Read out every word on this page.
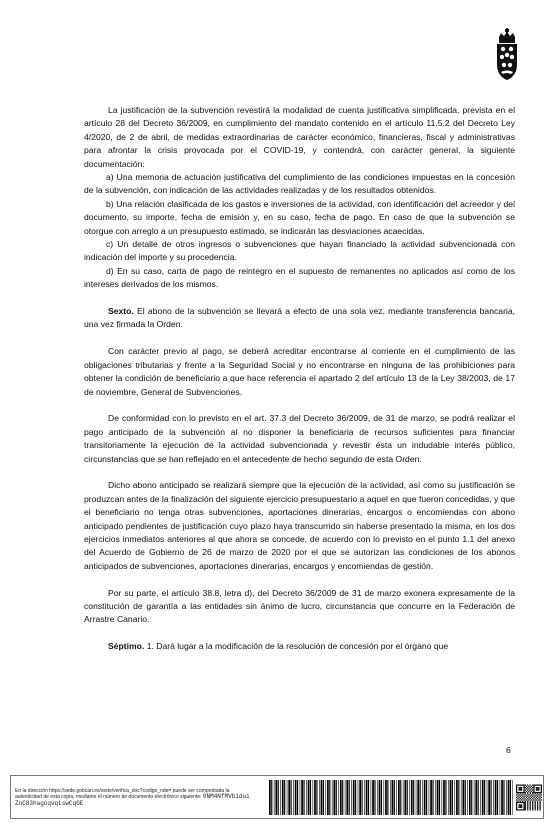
La justificación de la subvención revestirá la modalidad de cuenta justificativa simplificada, prevista en el artículo 28 del Decreto 36/2009, en cumplimiento del mandato contenido en el artículo 11.5.2 del Decreto Ley 4/2020, de 2 de abril, de medidas extraordinarias de carácter económico, financieras, fiscal y administrativas para afrontar la crisis provocada por el COVID-19, y contendrá, con carácter general, la siguiente documentación:

a) Una memoria de actuación justificativa del cumplimiento de las condiciones impuestas en la concesión de la subvención, con indicación de las actividades realizadas y de los resultados obtenidos.

b) Una relación clasificada de los gastos e inversiones de la actividad, con identificación del acreedor y del documento, su importe, fecha de emisión y, en su caso, fecha de pago. En caso de que la subvención se otorgue con arreglo a un presupuesto estimado, se indicarán las desviaciones acaecidas.

c) Un detalle de otros ingresos o subvenciones que hayan financiado la actividad subvencionada con indicación del importe y su procedencia.

d) En su caso, carta de pago de reintegro en el supuesto de remanentes no aplicados así como de los intereses derivados de los mismos.

Sexto. El abono de la subvención se llevará a efecto de una sola vez, mediante transferencia bancaria, una vez firmada la Orden.

Con carácter previo al pago, se deberá acreditar encontrarse al corriente en el cumplimiento de las obligaciones tributarias y frente a la Seguridad Social y no encontrarse en ninguna de las prohibiciones para obtener la condición de beneficiario a que hace referencia el apartado 2 del artículo 13 de la Ley 38/2003, de 17 de noviembre, General de Subvenciones.

De conformidad con lo previsto en el art. 37.3 del Decreto 36/2009, de 31 de marzo, se podrá realizar el pago anticipado de la subvención al no disponer la beneficiaria de recursos suficientes para financiar transitoriamente la ejecución de la actividad subvencionada y revestir ésta un indudable interés público, circunstancias que se han reflejado en el antecedente de hecho segundo de esta Orden.

Dicho abono anticipado se realizará siempre que la ejecución de la actividad, así como su justificación se produzcan antes de la finalización del siguiente ejercicio presupuestario a aquel en que fueron concedidas, y que el beneficiario no tenga otras subvenciones, aportaciones dinerarias, encargos o encomiendas con abono anticipado pendientes de justificación cuyo plazo haya transcurrido sin haberse presentado la misma, en los dos ejercicios inmediatos anteriores al que ahora se concede, de acuerdo con lo previsto en el punto 1.1 del anexo del Acuerdo de Gobierno de 26 de marzo de 2020 por el que se autorizan las condiciones de los abonos anticipados de subvenciones, aportaciones dinerarias, encargos y encomiendas de gestión.

Por su parte, el artículo 38.8, letra d), del Decreto 36/2009 de 31 de marzo exonera expresamente de la constitución de garantía a las entidades sin ánimo de lucro, circunstancia que concurre en la Federación de Arrastre Canario.

Séptimo. 1. Dará lugar a la modificación de la resolución de concesión por el órgano que

6
En la dirección https://sede.gobcan.es/sede/verifica_doc?codigo_nde= puede ser comprobada la autenticidad de esta copia, mediante el número de documento electrónico siguiente: 0NM4NfMVb1dui ZnC83hagoqvqLswCqGE
